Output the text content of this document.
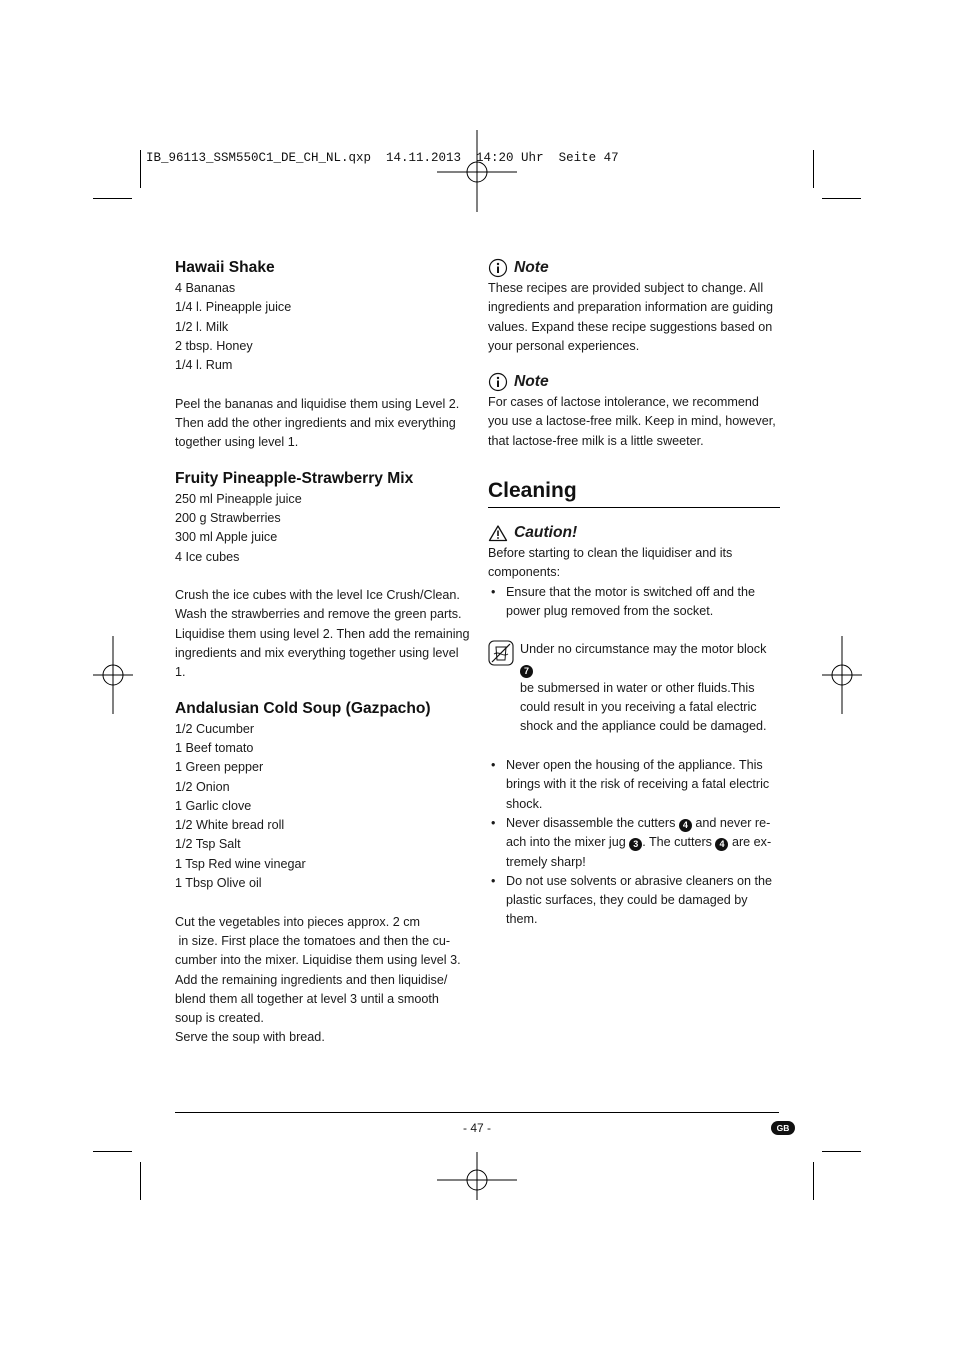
IB_96113_SSM550C1_DE_CH_NL.qxp  14.11.2013  14:20 Uhr  Seite 47
Hawaii Shake

4 Bananas

1/4 l. Pineapple juice

1/2 l. Milk

2 tbsp. Honey

1/4 l. Rum

Peel the bananas and liquidise them using Level 2.

Then add the other ingredients and mix everything

together using level 1.

Fruity Pineapple-Strawberry Mix

250 ml Pineapple juice

200 g Strawberries

300 ml Apple juice

4 Ice cubes

Crush the ice cubes with the level Ice Crush/Clean.

Wash the strawberries and remove the green parts.

Liquidise them using level 2. Then add the remaining

ingredients and mix everything together using level 1.

Andalusian Cold Soup (Gazpacho)

1/2 Cucumber

1 Beef tomato

1 Green pepper

1/2 Onion

1 Garlic clove

1/2 White bread roll

1/2 Tsp Salt

1 Tsp Red wine vinegar

1 Tbsp Olive oil

Cut the vegetables into pieces approx. 2 cm

in size. First place the tomatoes and then the cu-

cumber into the mixer. Liquidise them using level 3.

Add the remaining ingredients and then liquidise/

blend them all together at level 3 until a smooth

soup is created.

Serve the soup with bread.

Note

These recipes are provided subject to change. All

ingredients and preparation information are guiding

values. Expand these recipe suggestions based on

your personal experiences.

Note

For cases of lactose intolerance, we recommend

you use a lactose-free milk. Keep in mind, however,

that lactose-free milk is a little sweeter.

Cleaning
Caution!

Before starting to clean the liquidiser and its

components:

• Ensure that the motor is switched off and the
power plug removed from the socket.

Under no circumstance may the motor block 7

be submersed in water or other fluids.This

could result in you receiving a fatal electric

shock and the appliance could be damaged.

• Never open the housing of the appliance. This
brings with it the risk of receiving a fatal electric
shock.
• Never disassemble the cutters 4 and never re-
ach into the mixer jug 3 . The cutters 4 are ex-
tremely sharp!
• Do not use solvents or abrasive cleaners on the
plastic surfaces, they could be damaged by them.
- 47 -	GB
